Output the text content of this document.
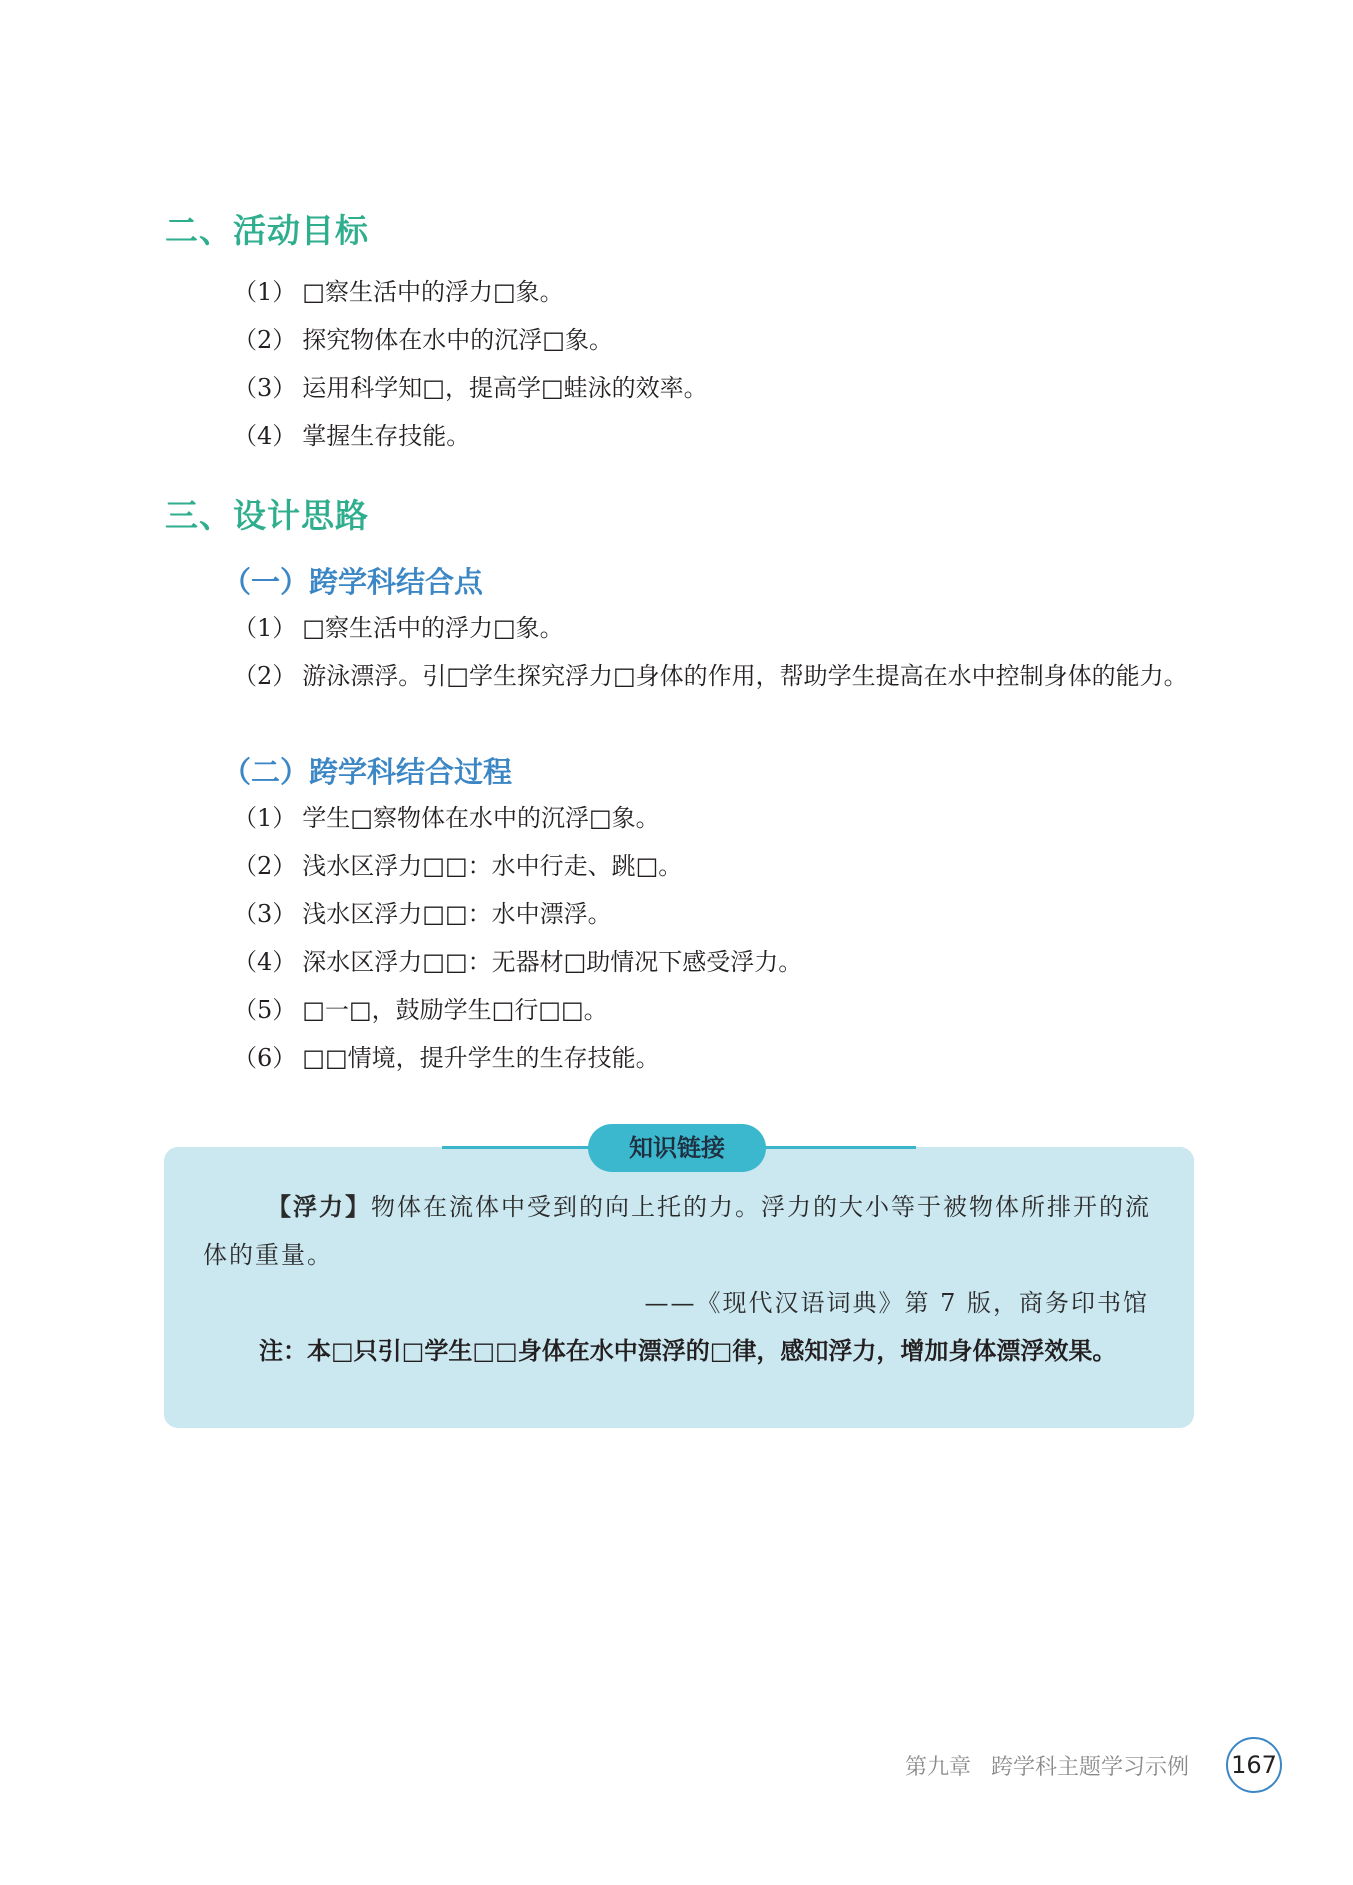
二、活动目标
（1） □察生活中的浮力□象。
（2） 探究物体在水中的沉浮□象。
（3） 运用科学知□，提高学□蛙泳的效率。
（4） 掌握生存技能。
三、设计思路
（一）跨学科结合点
（1） □察生活中的浮力□象。
（2） 游泳漂浮。引□学生探究浮力□身体的作用，帮助学生提高在水中控制身体的能力。
（二）跨学科结合过程
（1） 学生□察物体在水中的沉浮□象。
（2） 浅水区浮力□□：水中行走、跳□。
（3） 浅水区浮力□□：水中漂浮。
（4） 深水区浮力□□：无器材□助情况下感受浮力。
（5） □一□，鼓励学生□行□□。
（6） □□情境，提升学生的生存技能。
知识链接
【浮力】物体在流体中受到的向上托的力。浮力的大小等于被物体所排开的流体的重量。
——《现代汉语词典》第 7 版，商务印书馆
注：本□只引□学生□□身体在水中漂浮的□律，感知浮力，增加身体漂浮效果。
第九章 跨学科主题学习示例 167
